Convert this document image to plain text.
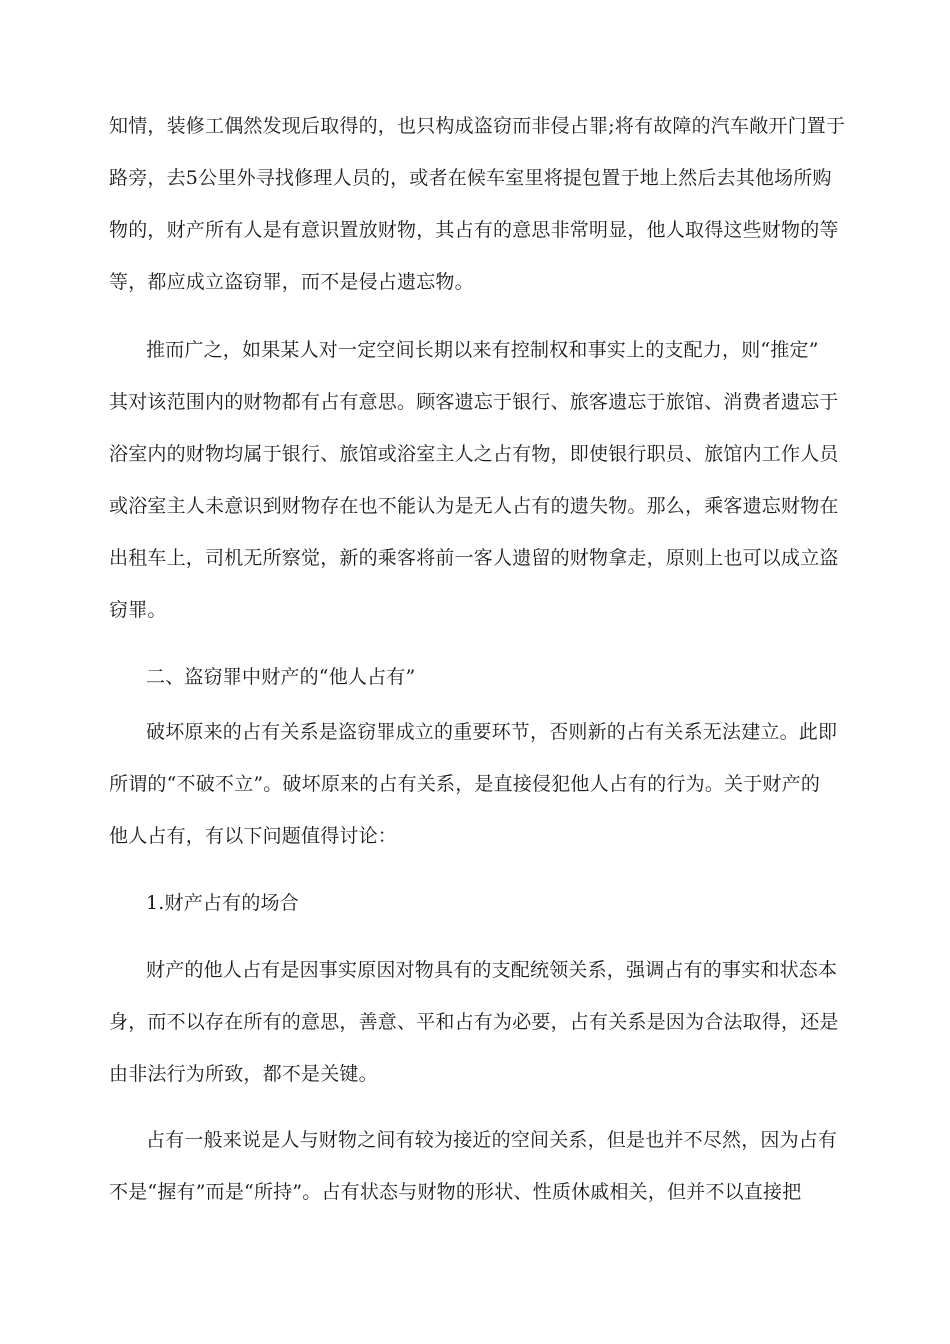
知情，装修工偶然发现后取得的，也只构成盗窃而非侵占罪;将有故障的汽车敞开门置于
路旁，去5公里外寻找修理人员的，或者在候车室里将提包置于地上然后去其他场所购
物的，财产所有人是有意识置放财物，其占有的意思非常明显，他人取得这些财物的等
等，都应成立盗窃罪，而不是侵占遗忘物。
推而广之，如果某人对一定空间长期以来有控制权和事实上的支配力，则“推定”
其对该范围内的财物都有占有意思。顾客遗忘于银行、旅客遗忘于旅馆、消费者遗忘于
浴室内的财物均属于银行、旅馆或浴室主人之占有物，即使银行职员、旅馆内工作人员
或浴室主人未意识到财物存在也不能认为是无人占有的遗失物。那么，乘客遗忘财物在
出租车上，司机无所察觉，新的乘客将前一客人遗留的财物拿走，原则上也可以成立盗
窃罪。
二、盗窃罪中财产的“他人占有”
破坏原来的占有关系是盗窃罪成立的重要环节，否则新的占有关系无法建立。此即
所谓的“不破不立”。破坏原来的占有关系，是直接侵犯他人占有的行为。关于财产的
他人占有，有以下问题值得讨论：
1.财产占有的场合
财产的他人占有是因事实原因对物具有的支配统领关系，强调占有的事实和状态本
身，而不以存在所有的意思，善意、平和占有为必要，占有关系是因为合法取得，还是
由非法行为所致，都不是关键。
占有一般来说是人与财物之间有较为接近的空间关系，但是也并不尽然，因为占有
不是“握有”而是“所持”。占有状态与财物的形状、性质休戚相关，但并不以直接把
